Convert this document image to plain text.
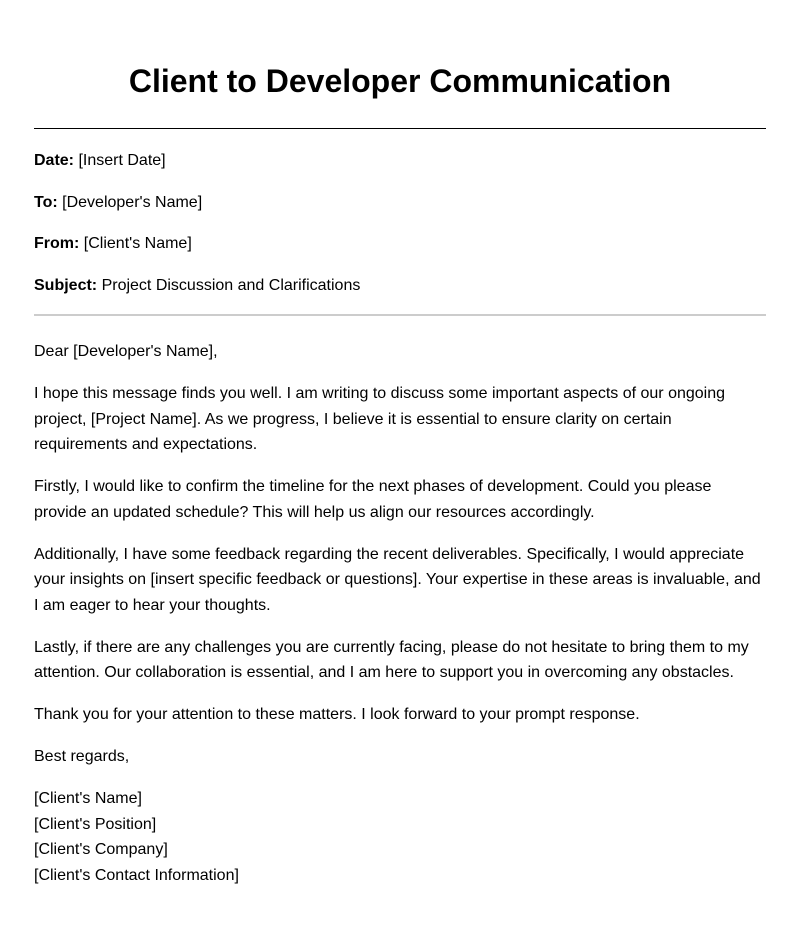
Client to Developer Communication
Date: [Insert Date]
To: [Developer's Name]
From: [Client's Name]
Subject: Project Discussion and Clarifications

Dear [Developer's Name],

I hope this message finds you well. I am writing to discuss some important aspects of our ongoing project, [Project Name]. As we progress, I believe it is essential to ensure clarity on certain requirements and expectations.

Firstly, I would like to confirm the timeline for the next phases of development. Could you please provide an updated schedule? This will help us align our resources accordingly.

Additionally, I have some feedback regarding the recent deliverables. Specifically, I would appreciate your insights on [insert specific feedback or questions]. Your expertise in these areas is invaluable, and I am eager to hear your thoughts.

Lastly, if there are any challenges you are currently facing, please do not hesitate to bring them to my attention. Our collaboration is essential, and I am here to support you in overcoming any obstacles.

Thank you for your attention to these matters. I look forward to your prompt response.

Best regards,

[Client's Name]
[Client's Position]
[Client's Company]
[Client's Contact Information]
